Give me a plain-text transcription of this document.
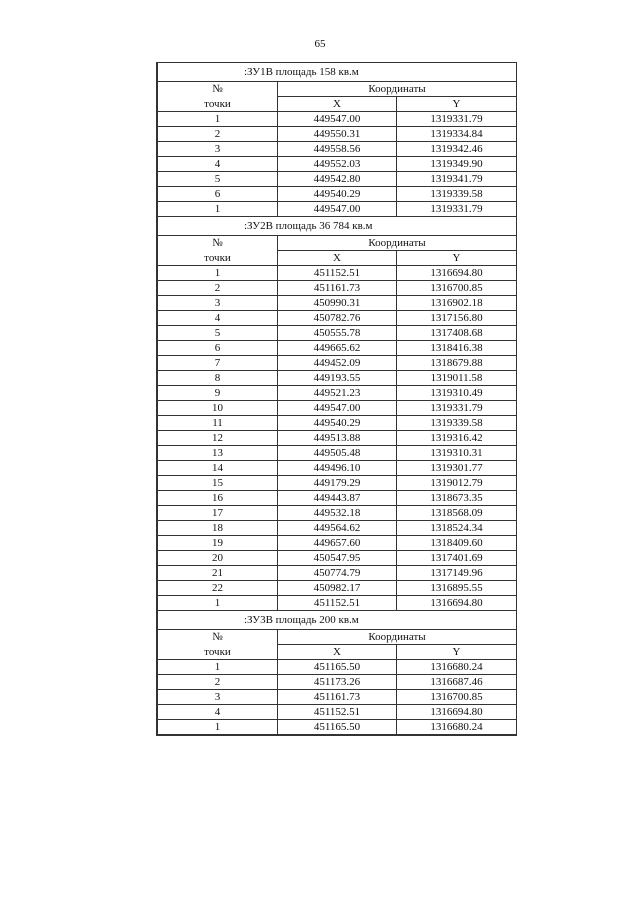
65
:ЗУ1В площадь 158 кв.м		
№	Координаты	
точки	X	Y
1	449547.00	1319331.79
2	449550.31	1319334.84
3	449558.56	1319342.46
4	449552.03	1319349.90
5	449542.80	1319341.79
6	449540.29	1319339.58
1	449547.00	1319331.79
:ЗУ2В площадь 36 784 кв.м		
№	Координаты	
точки	X	Y
1	451152.51	1316694.80
2	451161.73	1316700.85
3	450990.31	1316902.18
4	450782.76	1317156.80
5	450555.78	1317408.68
6	449665.62	1318416.38
7	449452.09	1318679.88
8	449193.55	1319011.58
9	449521.23	1319310.49
10	449547.00	1319331.79
11	449540.29	1319339.58
12	449513.88	1319316.42
13	449505.48	1319310.31
14	449496.10	1319301.77
15	449179.29	1319012.79
16	449443.87	1318673.35
17	449532.18	1318568.09
18	449564.62	1318524.34
19	449657.60	1318409.60
20	450547.95	1317401.69
21	450774.79	1317149.96
22	450982.17	1316895.55
1	451152.51	1316694.80
:ЗУ3В площадь 200 кв.м		
№	Координаты	
точки	X	Y
1	451165.50	1316680.24
2	451173.26	1316687.46
3	451161.73	1316700.85
4	451152.51	1316694.80
1	451165.50	1316680.24
